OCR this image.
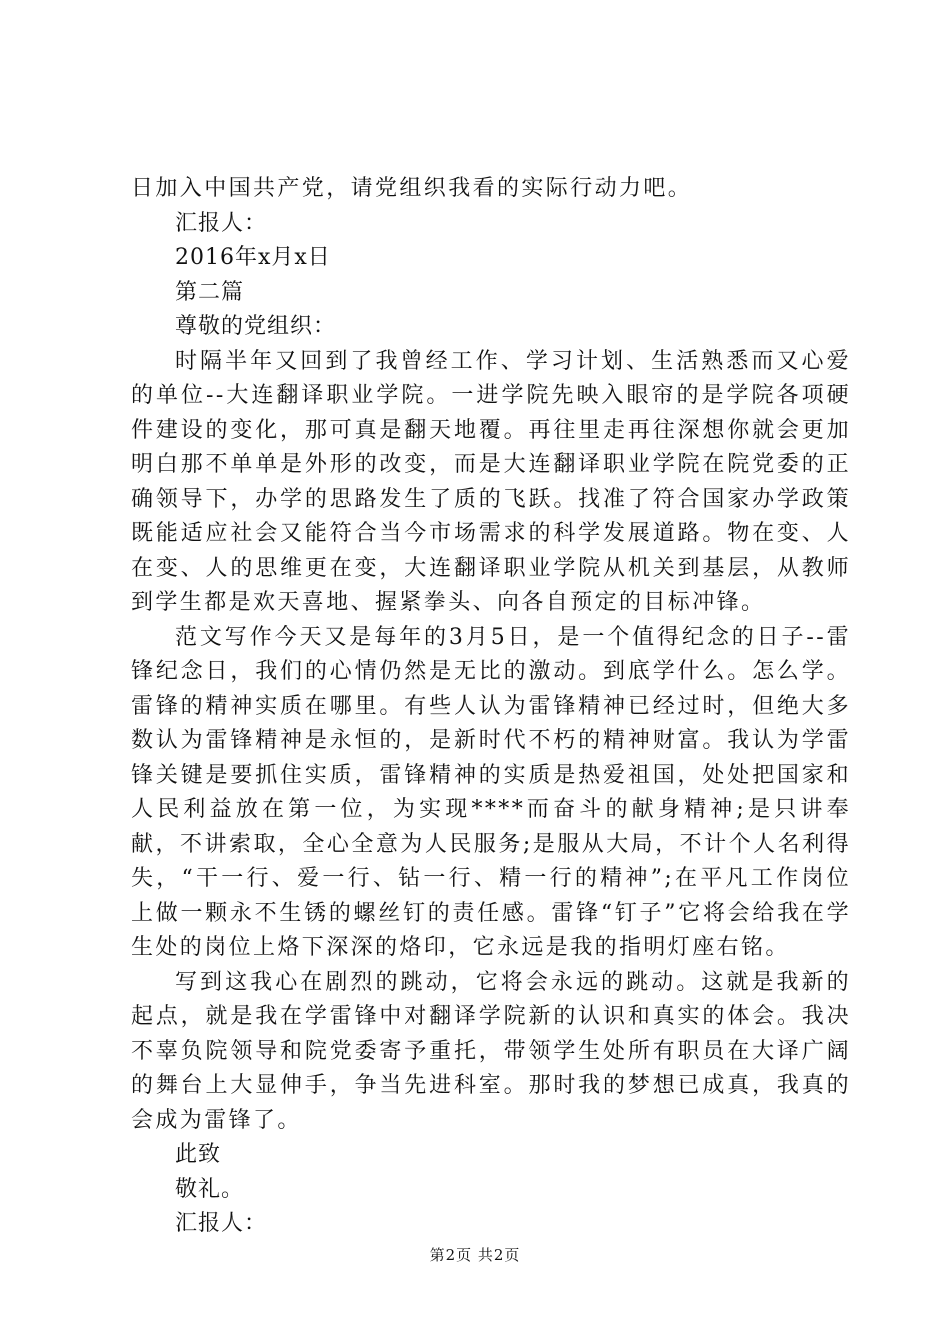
日加入中国共产党，请党组织我看的实际行动力吧。

汇报人：

2016年x月x日

第二篇

尊敬的党组织：

时隔半年又回到了我曾经工作、学习计划、生活熟悉而又心爱的单位--大连翻译职业学院。一进学院先映入眼帘的是学院各项硬件建设的变化，那可真是翻天地覆。再往里走再往深想你就会更加明白那不单单是外形的改变，而是大连翻译职业学院在院党委的正确领导下，办学的思路发生了质的飞跃。找准了符合国家办学政策既能适应社会又能符合当今市场需求的科学发展道路。物在变、人在变、人的思维更在变，大连翻译职业学院从机关到基层，从教师到学生都是欢天喜地、握紧拳头、向各自预定的目标冲锋。

范文写作今天又是每年的3月5日，是一个值得纪念的日子--雷锋纪念日，我们的心情仍然是无比的激动。到底学什么。怎么学。雷锋的精神实质在哪里。有些人认为雷锋精神已经过时，但绝大多数认为雷锋精神是永恒的，是新时代不朽的精神财富。我认为学雷锋关键是要抓住实质，雷锋精神的实质是热爱祖国，处处把国家和人民利益放在第一位，为实现****而奋斗的献身精神;是只讲奉献，不讲索取，全心全意为人民服务;是服从大局，不计个人名利得失，“干一行、爱一行、钻一行、精一行的精神”;在平凡工作岗位上做一颗永不生锈的螺丝钉的责任感。雷锋“钉子”它将会给我在学生处的岗位上烙下深深的烙印，它永远是我的指明灯座右铭。

写到这我心在剧烈的跳动，它将会永远的跳动。这就是我新的起点，就是我在学雷锋中对翻译学院新的认识和真实的体会。我决不辜负院领导和院党委寄予重托，带领学生处所有职员在大译广阔的舞台上大显伸手，争当先进科室。那时我的梦想已成真，我真的会成为雷锋了。

此致

敬礼。

汇报人：

第2页 共2页
